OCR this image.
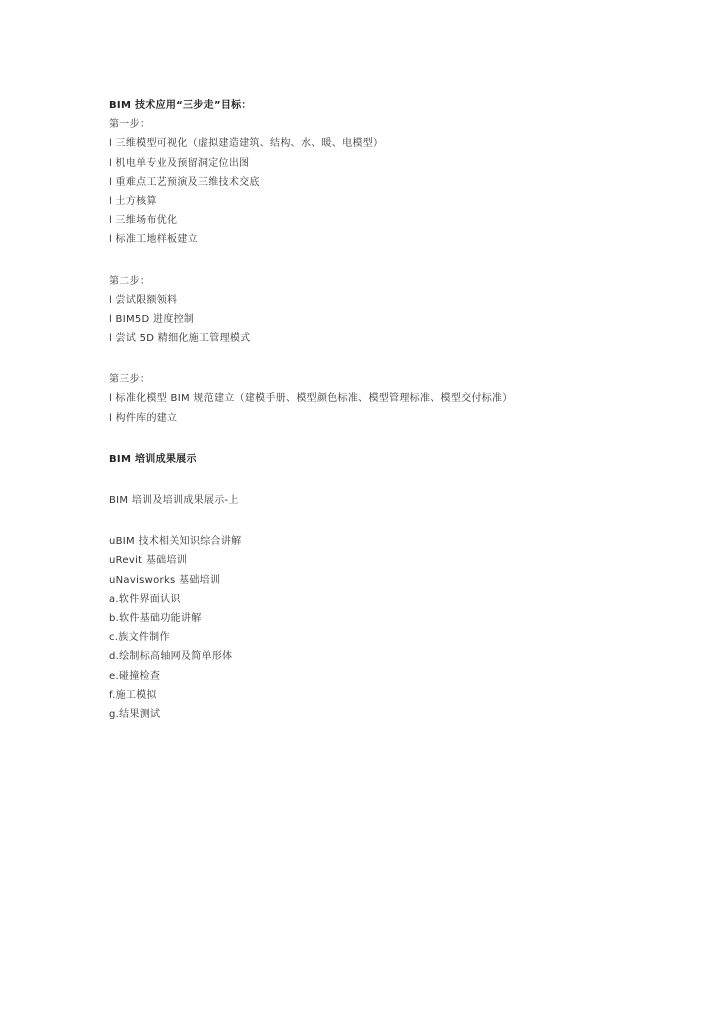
BIM 技术应用“三步走”目标：
第一步：
l 三维模型可视化（虚拟建造建筑、结构、水、暖、电模型）
l 机电单专业及预留洞定位出图
l 重难点工艺预演及三维技术交底
l 土方核算
l 三维场布优化
l 标准工地样板建立
第二步：
l 尝试限额领料
l BIM5D 进度控制
l 尝试 5D 精细化施工管理模式
第三步：
l 标准化模型 BIM 规范建立（建模手册、模型颜色标准、模型管理标准、模型交付标准）
l 构件库的建立
BIM 培训成果展示
BIM 培训及培训成果展示-上
uBIM 技术相关知识综合讲解
uRevit 基础培训
uNavisworks 基础培训
a.软件界面认识
b.软件基础功能讲解
c.族文件制作
d.绘制标高轴网及简单形体
e.碰撞检查
f.施工模拟
g.结果测试
